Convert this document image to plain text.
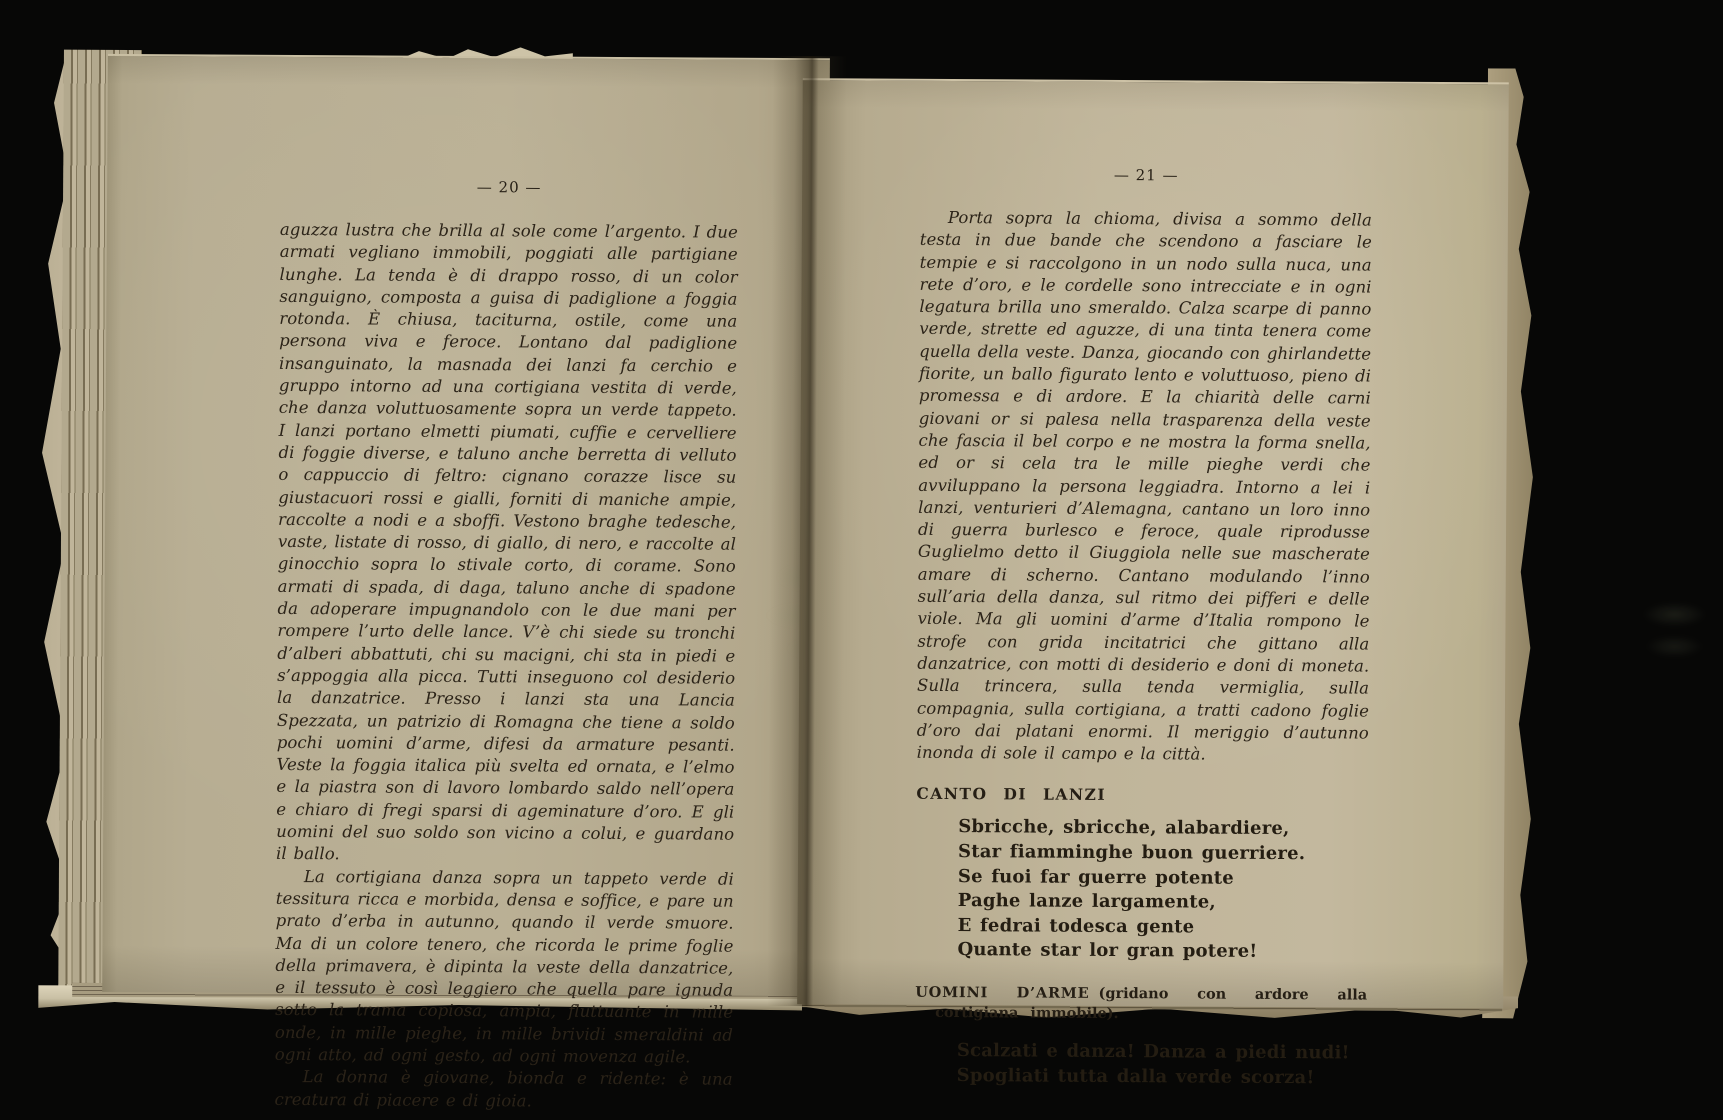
— 20 —

aguzza lustra che brilla al sole come l’argento. I due armati vegliano immobili, poggiati alle partigiane lunghe. La tenda è di drappo rosso, di un color sanguigno, composta a guisa di padiglione a foggia rotonda. È chiusa, taciturna, ostile, come una persona viva e feroce. Lontano dal padiglione insanguinato, la masnada dei lanzi fa cerchio e gruppo intorno ad una cortigiana vestita di verde, che danza voluttuosamente sopra un verde tappeto. I lanzi portano elmetti piumati, cuffie e cervelliere di foggie diverse, e taluno anche berretta di velluto o cappuccio di feltro: cignano corazze lisce su giustacuori rossi e gialli, forniti di maniche ampie, raccolte a nodi e a sboffi. Vestono braghe tedesche, vaste, listate di rosso, di giallo, di nero, e raccolte al ginocchio sopra lo stivale corto, di corame. Sono armati di spada, di daga, taluno anche di spadone da adoperare impugnandolo con le due mani per rompere l’urto delle lance. V’è chi siede su tronchi d’alberi abbattuti, chi su macigni, chi sta in piedi e s’appoggia alla picca. Tutti inseguono col desiderio la danzatrice. Presso i lanzi sta una Lancia Spezzata, un patrizio di Romagna che tiene a soldo pochi uomini d’arme, difesi da armature pesanti. Veste la foggia italica più svelta ed ornata, e l’elmo e la piastra son di lavoro lombardo saldo nell’opera e chiaro di fregi sparsi di ageminature d’oro. E gli uomini del suo soldo son vicino a colui, e guardano il ballo.

La cortigiana danza sopra un tappeto verde di tessitura ricca e morbida, densa e soffice, e pare un prato d’erba in autunno, quando il verde smuore. Ma di un colore tenero, che ricorda le prime foglie della primavera, è dipinta la veste della danzatrice, e il tessuto è così leggiero che quella pare ignuda sotto la trama copiosa, ampia, fluttuante in mille onde, in mille pieghe, in mille brividi smeraldini ad ogni atto, ad ogni gesto, ad ogni movenza agile.

La donna è giovane, bionda e ridente: è una creatura di piacere e di gioia.

— 21 —

Porta sopra la chioma, divisa a sommo della testa in due bande che scendono a fasciare le tempie e si raccolgono in un nodo sulla nuca, una rete d’oro, e le cordelle sono intrecciate e in ogni legatura brilla uno smeraldo. Calza scarpe di panno verde, strette ed aguzze, di una tinta tenera come quella della veste. Danza, giocando con ghirlandette fiorite, un ballo figurato lento e voluttuoso, pieno di promessa e di ardore. E la chiarità delle carni giovani or si palesa nella trasparenza della veste che fascia il bel corpo e ne mostra la forma snella, ed or si cela tra le mille pieghe verdi che avviluppano la persona leggiadra. Intorno a lei i lanzi, venturieri d’Alemagna, cantano un loro inno di guerra burlesco e feroce, quale riprodusse Guglielmo detto il Giuggiola nelle sue mascherate amare di scherno. Cantano modulando l’inno sull’aria della danza, sul ritmo dei pifferi e delle viole. Ma gli uomini d’arme d’Italia rompono le strofe con grida incitatrici che gittano alla danzatrice, con motti di desiderio e doni di moneta. Sulla trincera, sulla tenda vermiglia, sulla compagnia, sulla cortigiana, a tratti cadono foglie d’oro dai platani enormi. Il meriggio d’autunno inonda di sole il campo e la città.

CANTO DI LANZI

Sbricche, sbricche, alabardiere,

Star fiamminghe buon guerriere.

Se fuoi far guerre potente

Paghe lanze largamente,

E fedrai todesca gente

Quante star lor gran potere!

UOMINI D’ARME (gridano con ardore alla cortigiana immobile).

Scalzati e danza! Danza a piedi nudi!

Spogliati tutta dalla verde scorza!
